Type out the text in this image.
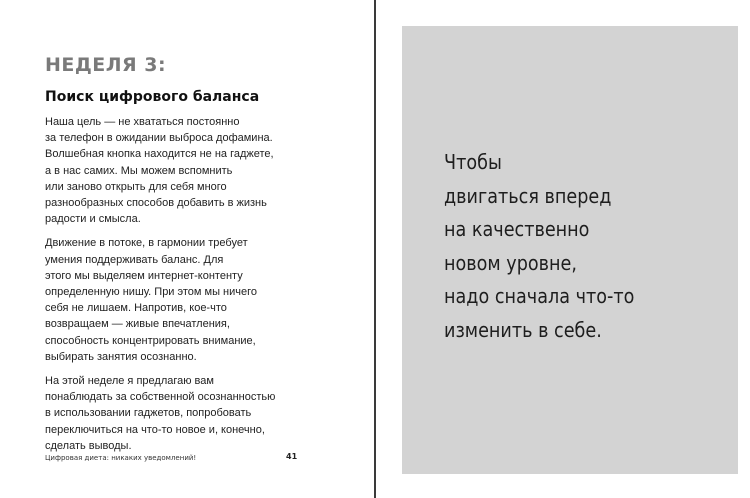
НЕДЕЛЯ 3:
Поиск цифрового баланса

Наша цель — не хвататься постоянно
за телефон в ожидании выброса дофамина.
Волшебная кнопка находится не на гаджете,
а в нас самих. Мы можем вспомнить
или заново открыть для себя много
разнообразных способов добавить в жизнь
радости и смысла.

Движение в потоке, в гармонии требует
умения поддерживать баланс. Для
этого мы выделяем интернет-контенту
определенную нишу. При этом мы ничего
себя не лишаем. Напротив, кое-что
возвращаем — живые впечатления,
способность концентрировать внимание,
выбирать занятия осознанно.

На этой неделе я предлагаю вам
понаблюдать за собственной осознанностью
в использовании гаджетов, попробовать
переключиться на что-то новое и, конечно,
сделать выводы.

Цифровая диета: никаких уведомлений!	41
Чтобы
двигаться вперед
на качественно
новом уровне,
надо сначала что-то
изменить в себе.
